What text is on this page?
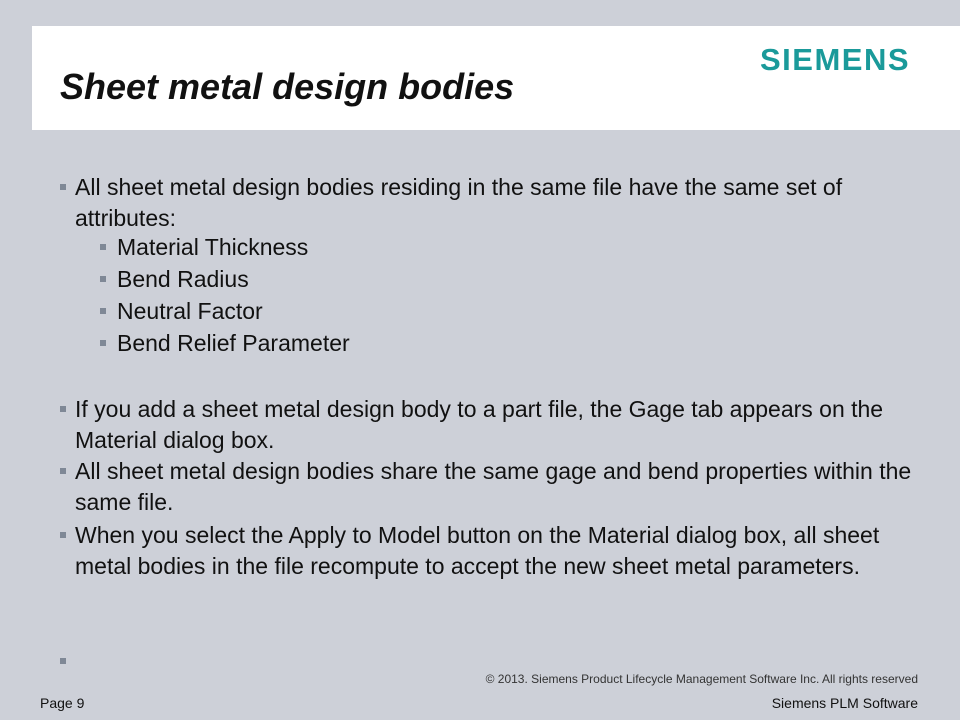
Sheet metal design bodies
SIEMENS
All sheet metal design bodies residing in the same file have the same set of attributes:
Material Thickness
Bend Radius
Neutral Factor
Bend Relief Parameter
If you add a sheet metal design body to a part file, the Gage tab appears on the Material dialog box.
All sheet metal design bodies share the same gage and bend properties within the same file.
When you select the Apply to Model button on the Material dialog box, all sheet metal bodies in the file recompute to accept the new sheet metal parameters.
© 2013. Siemens Product Lifecycle Management Software Inc. All rights reserved
Page 9	Siemens PLM Software
